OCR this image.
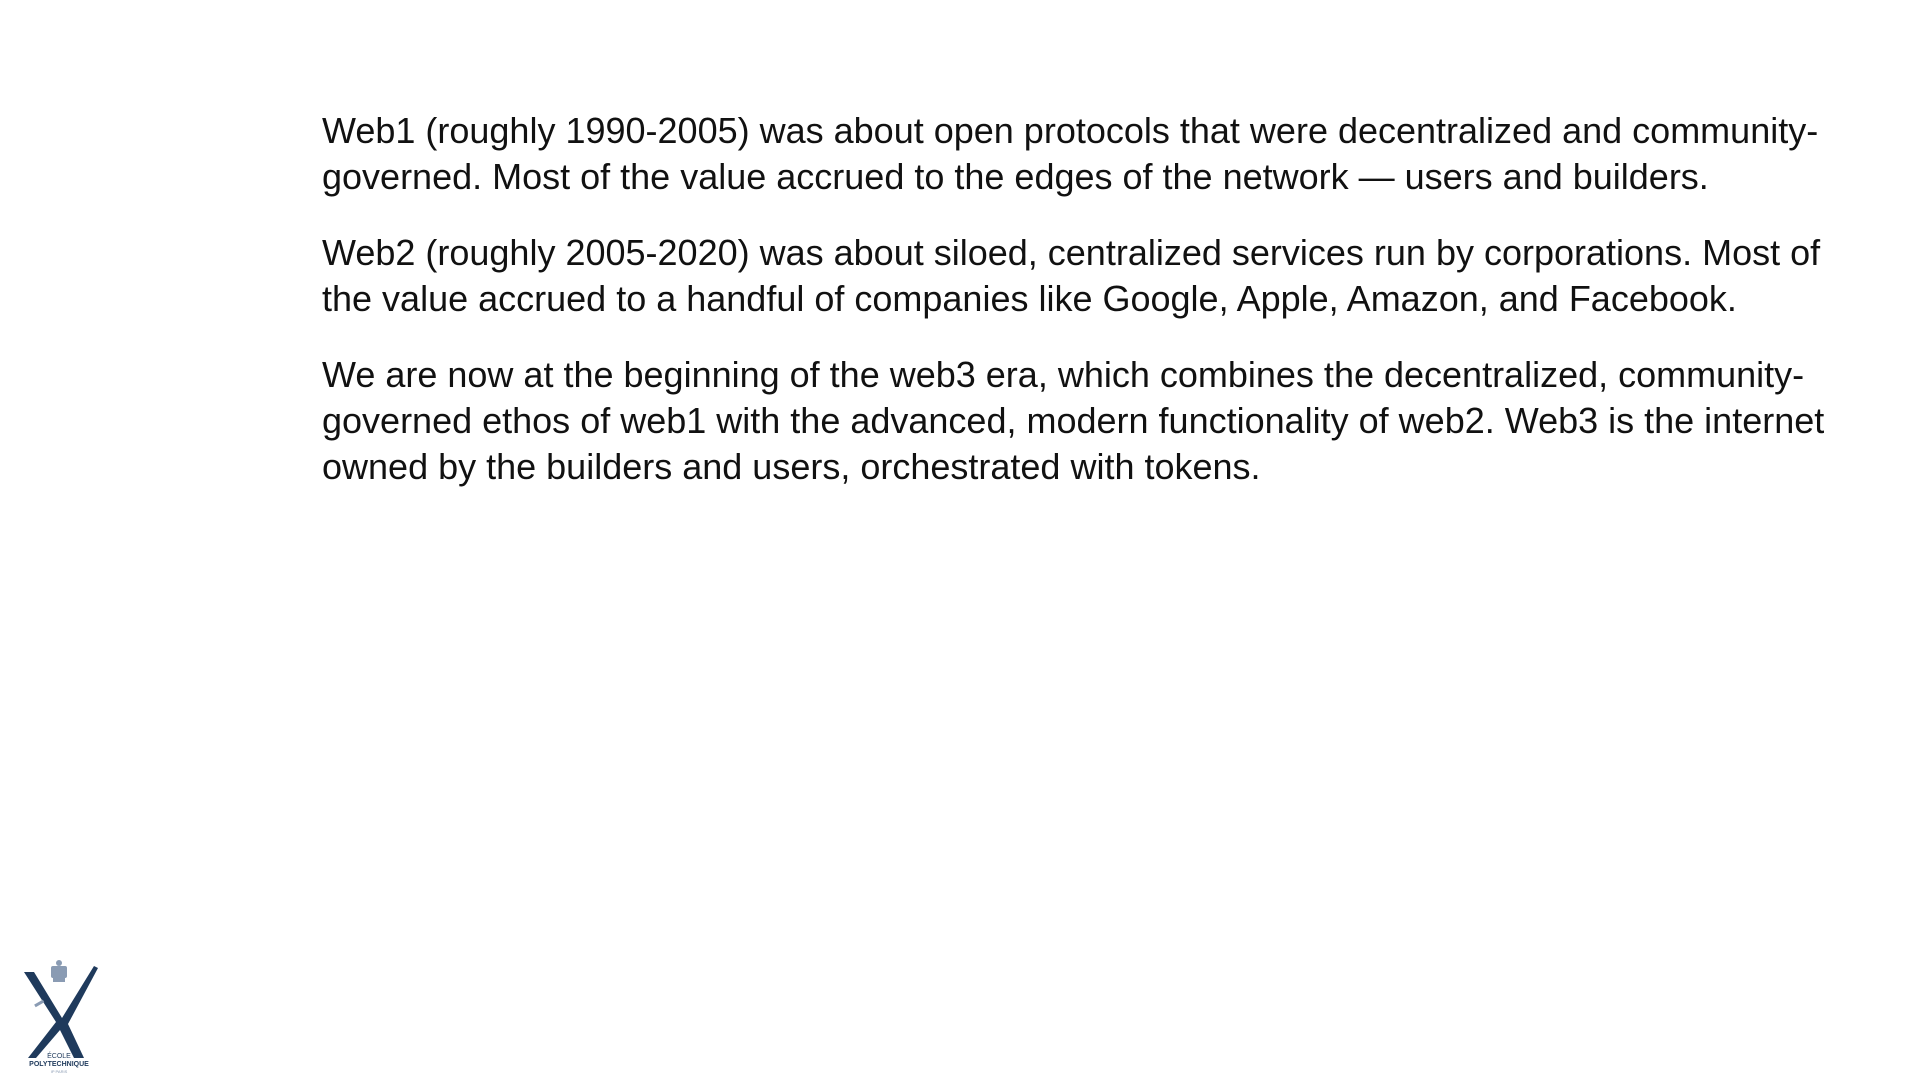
Web1 (roughly 1990-2005) was about open protocols that were decentralized and community-governed. Most of the value accrued to the edges of the network — users and builders.

Web2 (roughly 2005-2020) was about siloed, centralized services run by corporations. Most of the value accrued to a handful of companies like Google, Apple, Amazon, and Facebook.

We are now at the beginning of the web3 era, which combines the decentralized, community-governed ethos of web1 with the advanced, modern functionality of web2. Web3 is the internet owned by the builders and users, orchestrated with tokens.

ÉCOLE
POLYTECHNIQUE
IP PARIS
